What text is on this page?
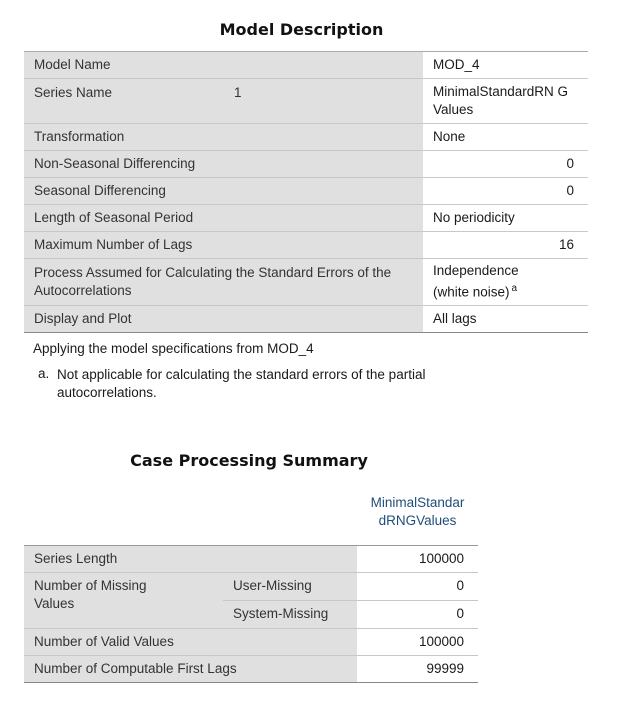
Model Description
Model Name		MOD_4
Series Name	1	MinimalStandardRN GValues
Transformation		None
Non-Seasonal Differencing		0
Seasonal Differencing		0
Length of Seasonal Period		No periodicity
Maximum Number of Lags		16
Process Assumed for Calculating the Standard Errors of the Autocorrelations		Independence (white noise) $^a$
Display and Plot		All lags
Applying the model specifications from MOD_4
a. Not applicable for calculating the standard errors of the partial autocorrelations.
Case Processing Summary

		MinimalStandardRNGValues

Series Length		100000
Number of Missing Values	User-Missing	0
	System-Missing	0
Number of Valid Values		100000
Number of Computable First Lags		99999
